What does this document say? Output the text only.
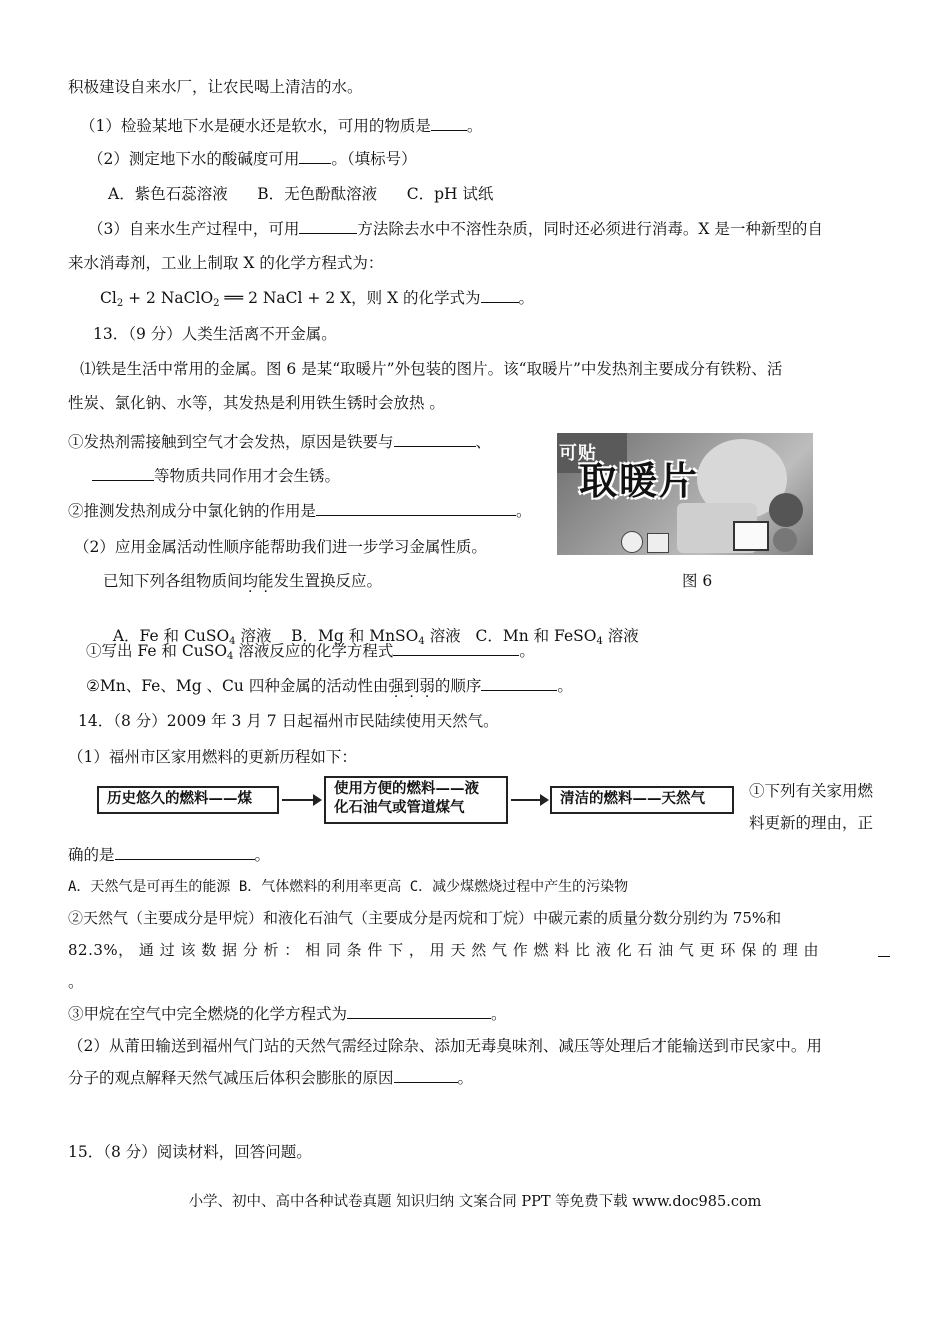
积极建设自来水厂，让农民喝上清洁的水。
（1）检验某地下水是硬水还是软水，可用的物质是 。
（2）测定地下水的酸碱度可用 。（填标号）
A．紫色石蕊溶液      B．无色酚酞溶液      C．pH 试纸
（3）自来水生产过程中，可用	方法除去水中不溶性杂质，同时还必须进行消毒。X 是一种新型的自
来水消毒剂，工业上制取 X 的化学方程式为：
$Cl_2 + 2$ NaClO$_2$ ══ 2 NaCl + 2 X，则 X 的化学式为 。
13．（9 分）人类生活离不开金属。
⑴铁是生活中常用的金属。图 6 是某“取暖片”外包装的图片。该“取暖片”中发热剂主要成分有铁粉、活
性炭、氯化钠、水等，其发热是利用铁生锈时会放热 。
①发热剂需接触到空气才会发热，原因是铁要与	、
等物质共同作用才会生锈。
②推测发热剂成分中氯化钠的作用是	。
可贴
取暖片
（2）应用金属活动性顺序能帮助我们进一步学习金属性质。
已知下列各组物质间均能发生置换反应。	图 6

A．Fe 和 CuSO$_4$ 溶液    B．Mg 和 MnSO$_4$ 溶液   C．Mn 和 FeSO$_4$ 溶液

①写出 Fe 和 CuSO$_4$ 溶液反应的化学方程式	。
②Mn、Fe、Mg 、Cu 四种金属的活动性由强到弱的顺序	。
14．（8 分）2009 年 3 月 7 日起福州市民陆续使用天然气。
（1）福州市区家用燃料的更新历程如下：
历史悠久的燃料——煤
使用方便的燃料——液
化石油气或管道煤气
清洁的燃料——天然气	①下列有关家用燃
料更新的理由，正
确的是	。
A．天然气是可再生的能源 B．气体燃料的利用率更高 C．减少煤燃烧过程中产生的污染物
②天然气（主要成分是甲烷）和液化石油气（主要成分是丙烷和丁烷）中碳元素的质量分数分别约为 75%和
82.3%， 通 过 该 数 据 分 析 ： 相 同 条 件 下 ， 用 天 然 气 作 燃 料 比 液 化 石 油 气 更 环 保 的 理 由
。
③甲烷在空气中完全燃烧的化学方程式为	。
（2）从莆田输送到福州气门站的天然气需经过除杂、添加无毒臭味剂、减压等处理后才能输送到市民家中。用
分子的观点解释天然气减压后体积会膨胀的原因	。
15．（8 分）阅读材料，回答问题。
小学、初中、高中各种试卷真题 知识归纳 文案合同 PPT 等免费下载 www.doc985.com
